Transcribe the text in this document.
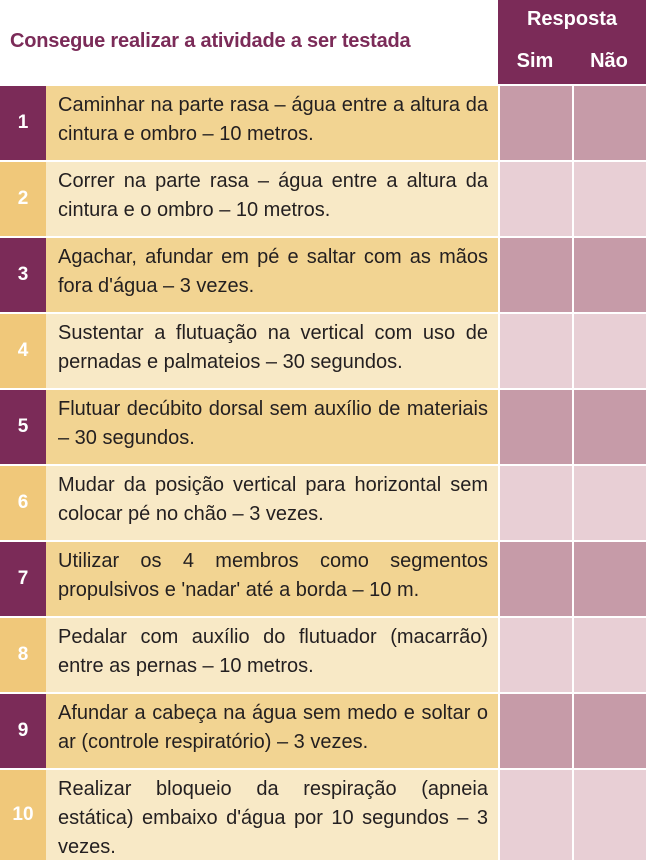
Consegue realizar a atividade a ser testada
Resposta
Sim	Não
1
Caminhar na parte rasa – água entre a altura da cintura e ombro – 10 metros.
2
Correr na parte rasa – água entre a altura da cintura e o ombro – 10 metros.
3
Agachar, afundar em pé e saltar com as mãos fora d'água – 3 vezes.
4
Sustentar a flutuação na vertical com uso de pernadas e palmateios – 30 segundos.
5
Flutuar decúbito dorsal sem auxílio de materiais – 30 segundos.
6
Mudar da posição vertical para horizontal sem colocar pé no chão – 3 vezes.
7
Utilizar os 4 membros como segmentos propulsivos e 'nadar' até a borda – 10 m.
8
Pedalar com auxílio do flutuador (macarrão) entre as pernas – 10 metros.
9
Afundar a cabeça na água sem medo e soltar o ar (controle respiratório) – 3 vezes.
10
Realizar bloqueio da respiração (apneia estática) embaixo d'água por 10 segundos – 3 vezes.
